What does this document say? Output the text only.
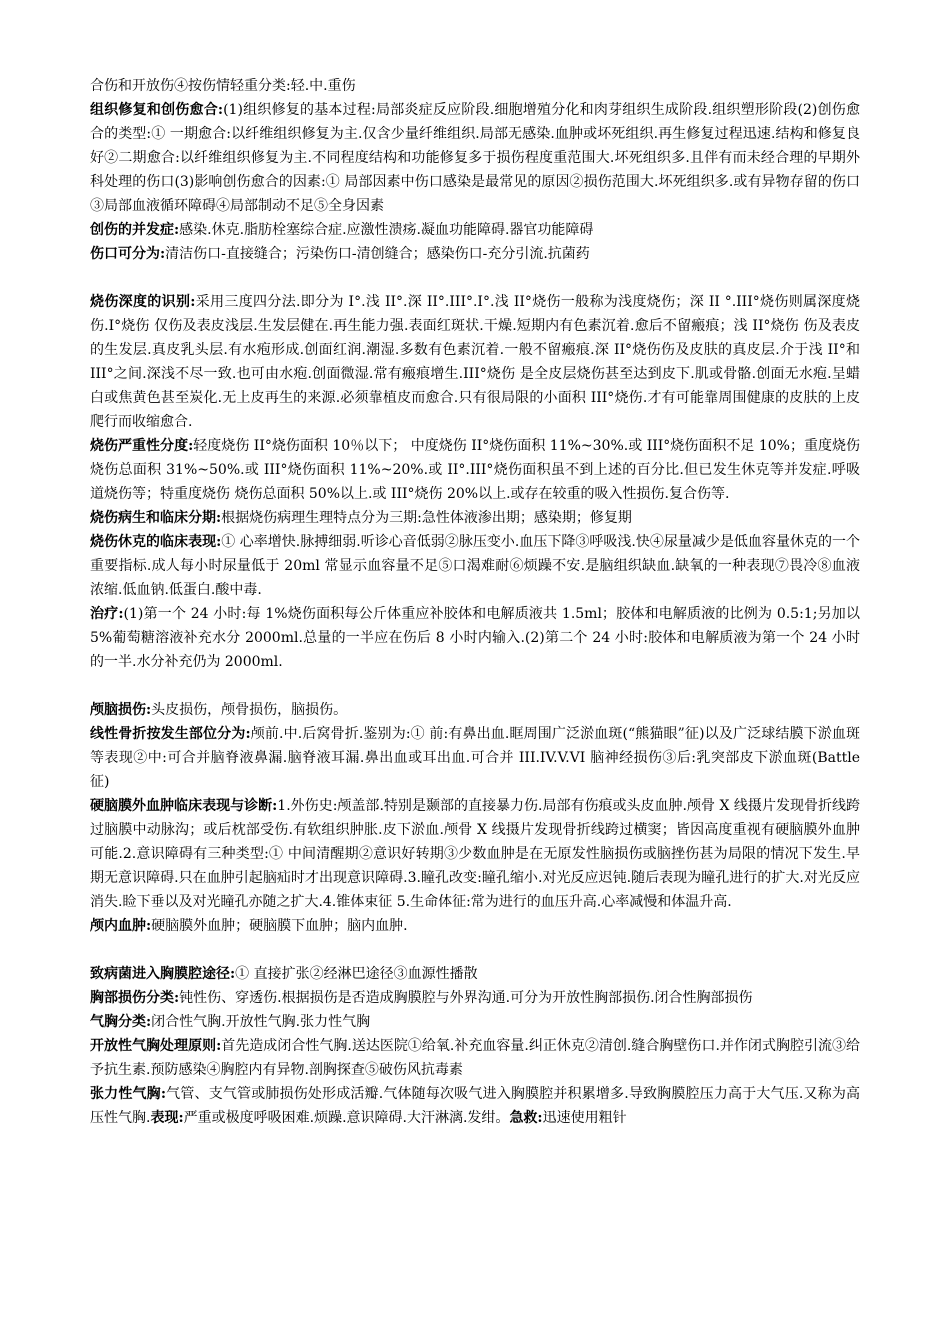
合伤和开放伤④按伤情轻重分类:轻.中.重伤

组织修复和创伤愈合:(1)组织修复的基本过程:局部炎症反应阶段.细胞增殖分化和肉芽组织生成阶段.组织塑形阶段(2)创伤愈合的类型:① 一期愈合:以纤维组织修复为主.仅含少量纤维组织.局部无感染.血肿或坏死组织.再生修复过程迅速.结构和修复良好②二期愈合:以纤维组织修复为主.不同程度结构和功能修复多于损伤程度重范围大.坏死组织多.且伴有而未经合理的早期外科处理的伤口(3)影响创伤愈合的因素:① 局部因素中伤口感染是最常见的原因②损伤范围大.坏死组织多.或有异物存留的伤口③局部血液循环障碍④局部制动不足⑤全身因素

创伤的并发症:感染.休克.脂肪栓塞综合症.应激性溃疡.凝血功能障碍.器官功能障碍

伤口可分为:清洁伤口-直接缝合；污染伤口-清创缝合；感染伤口-充分引流.抗菌药

烧伤深度的识别:采用三度四分法.即分为 I°.浅 II°.深 II°.III°.I°.浅 II°烧伤一般称为浅度烧伤；深 II °.III°烧伤则属深度烧伤.I°烧伤 仅伤及表皮浅层.生发层健在.再生能力强.表面红斑状.干燥.短期内有色素沉着.愈后不留瘢痕；浅 II°烧伤 伤及表皮的生发层.真皮乳头层.有水疱形成.创面红润.潮湿.多数有色素沉着.一般不留瘢痕.深 II°烧伤伤及皮肤的真皮层.介于浅 II°和 III°之间.深浅不尽一致.也可由水疱.创面微湿.常有瘢痕增生.III°烧伤 是全皮层烧伤甚至达到皮下.肌或骨骼.创面无水疱.呈蜡白或焦黄色甚至炭化.无上皮再生的来源.必须靠植皮而愈合.只有很局限的小面积 III°烧伤.才有可能靠周围健康的皮肤的上皮爬行而收缩愈合.

烧伤严重性分度:轻度烧伤 II°烧伤面积 10％以下； 中度烧伤 II°烧伤面积 11%~30%.或 III°烧伤面积不足 10%；重度烧伤 烧伤总面积 31%~50%.或 III°烧伤面积 11%~20%.或 II°.III°烧伤面积虽不到上述的百分比.但已发生休克等并发症.呼吸道烧伤等；特重度烧伤 烧伤总面积 50%以上.或 III°烧伤 20%以上.或存在较重的吸入性损伤.复合伤等.

烧伤病生和临床分期:根据烧伤病理生理特点分为三期:急性体液渗出期；感染期；修复期

烧伤休克的临床表现:① 心率增快.脉搏细弱.听诊心音低弱②脉压变小.血压下降③呼吸浅.快④尿量减少是低血容量休克的一个重要指标.成人每小时尿量低于 20ml 常显示血容量不足⑤口渴难耐⑥烦躁不安.是脑组织缺血.缺氧的一种表现⑦畏冷⑧血液浓缩.低血钠.低蛋白.酸中毒.

治疗:(1)第一个 24 小时:每 1%烧伤面积每公斤体重应补胶体和电解质液共 1.5ml；胶体和电解质液的比例为 0.5:1;另加以 5%葡萄糖溶液补充水分 2000ml.总量的一半应在伤后 8 小时内输入.(2)第二个 24 小时:胶体和电解质液为第一个 24 小时的一半.水分补充仍为 2000ml.

颅脑损伤:头皮损伤，颅骨损伤，脑损伤。

线性骨折按发生部位分为:颅前.中.后窝骨折.鉴别为:① 前:有鼻出血.眶周围广泛淤血斑(“熊猫眼”征)以及广泛球结膜下淤血斑等表现②中:可合并脑脊液鼻漏.脑脊液耳漏.鼻出血或耳出血.可合并 III.IV.V.VI 脑神经损伤③后:乳突部皮下淤血斑(Battle 征)

硬脑膜外血肿临床表现与诊断:1.外伤史:颅盖部.特别是颞部的直接暴力伤.局部有伤痕或头皮血肿.颅骨 X 线摄片发现骨折线跨过脑膜中动脉沟；或后枕部受伤.有软组织肿胀.皮下淤血.颅骨 X 线摄片发现骨折线跨过横窦；皆因高度重视有硬脑膜外血肿可能.2.意识障碍有三种类型:① 中间清醒期②意识好转期③少数血肿是在无原发性脑损伤或脑挫伤甚为局限的情况下发生.早期无意识障碍.只在血肿引起脑疝时才出现意识障碍.3.瞳孔改变:瞳孔缩小.对光反应迟钝.随后表现为瞳孔进行的扩大.对光反应消失.睑下垂以及对光瞳孔亦随之扩大.4.锥体束征 5.生命体征:常为进行的血压升高.心率减慢和体温升高.

颅内血肿:硬脑膜外血肿；硬脑膜下血肿；脑内血肿.

致病菌进入胸膜腔途径:① 直接扩张②经淋巴途径③血源性播散

胸部损伤分类:钝性伤、穿透伤.根据损伤是否造成胸膜腔与外界沟通.可分为开放性胸部损伤.闭合性胸部损伤

气胸分类:闭合性气胸.开放性气胸.张力性气胸

开放性气胸处理原则:首先造成闭合性气胸.送达医院①给氧.补充血容量.纠正休克②清创.缝合胸壁伤口.并作闭式胸腔引流③给予抗生素.预防感染④胸腔内有异物.剖胸探查⑤破伤风抗毒素

张力性气胸:气管、支气管或肺损伤处形成活瓣.气体随每次吸气进入胸膜腔并积累增多.导致胸膜腔压力高于大气压.又称为高压性气胸.表现:严重或极度呼吸困难.烦躁.意识障碍.大汗淋漓.发绀。急救:迅速使用粗针
